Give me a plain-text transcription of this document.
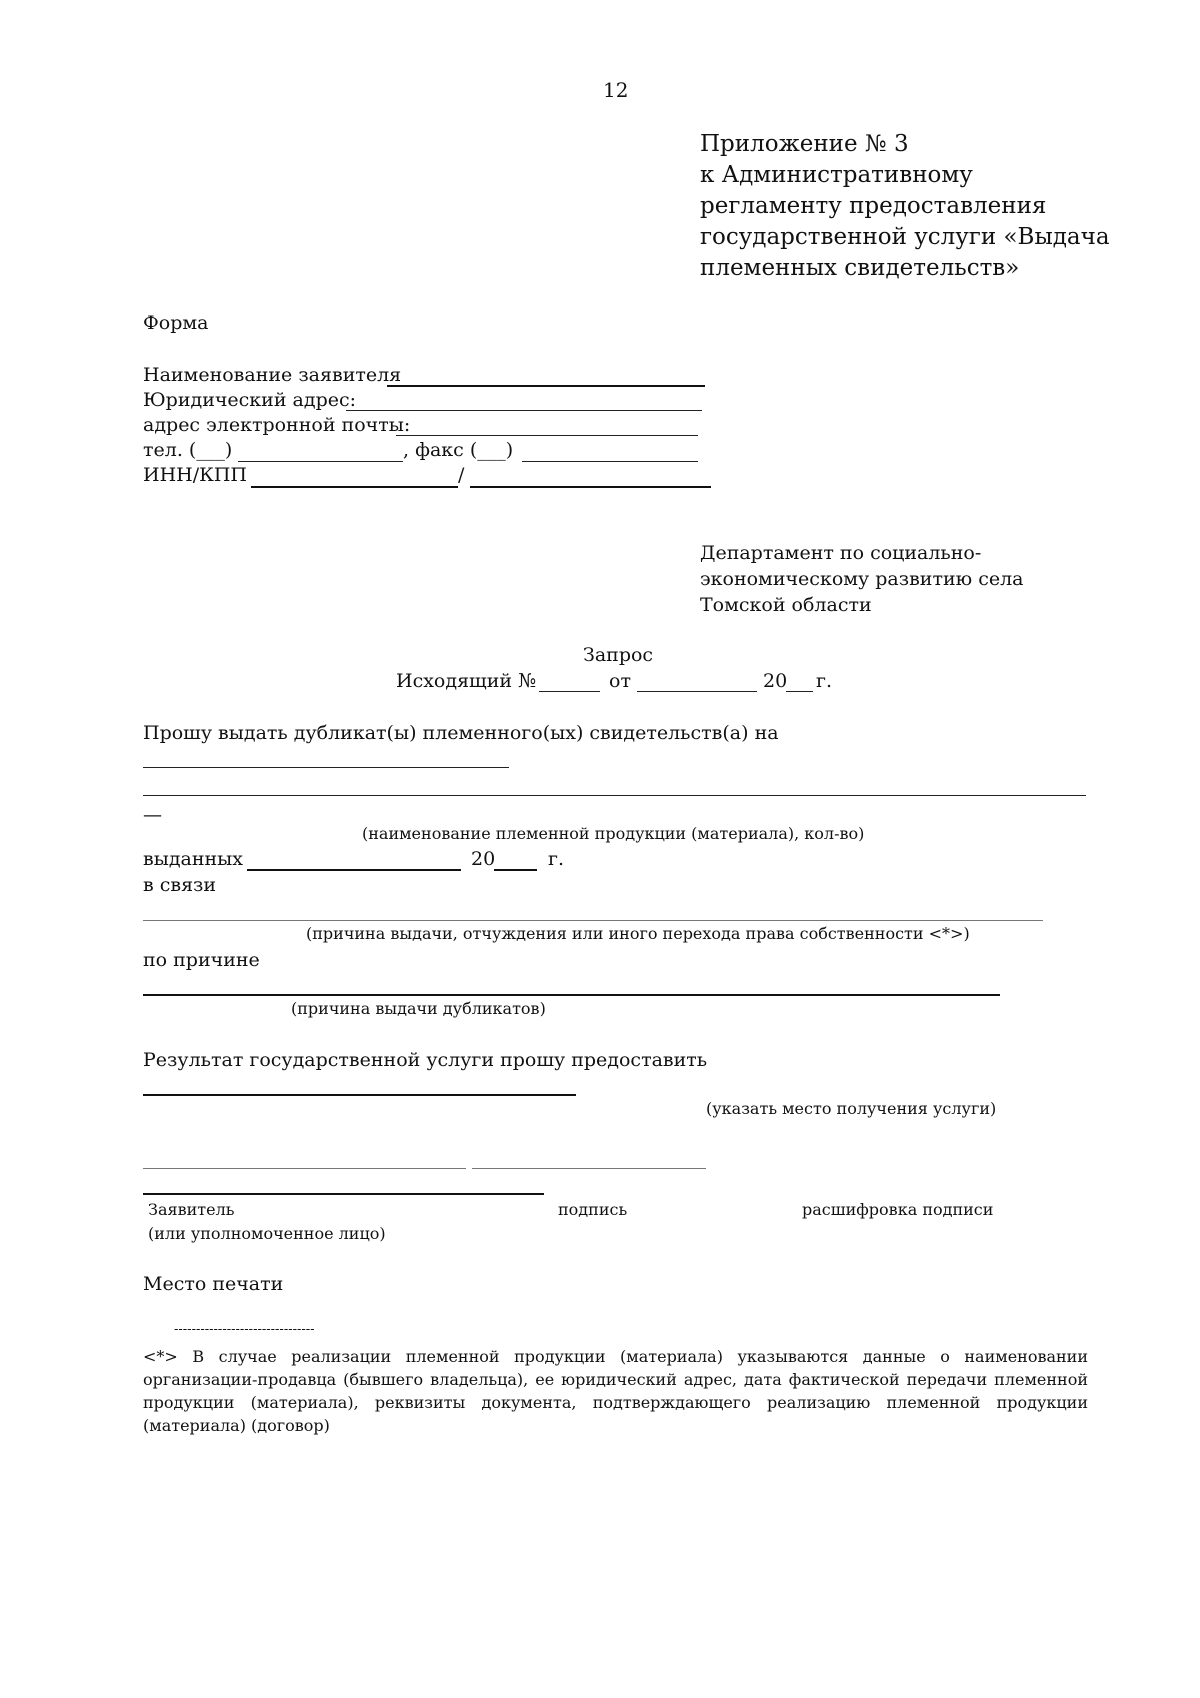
12
Приложение № 3
к Административному
регламенту предоставления
государственной услуги «Выдача
племенных свидетельств»
Форма
Наименование заявителя
Юридический адрес:
адрес электронной почты:
тел. (___)	, факс (___)
ИНН/КПП	/
Департамент по социально-
экономическому развитию села
Томской области
Запрос
Исходящий №	от	20 г.
Прошу выдать дубликат(ы) племенного(ых) свидетельств(а) на
—
(наименование племенной продукции (материала), кол-во)
выданных	20	г.
в связи
(причина выдачи, отчуждения или иного перехода права собственности <*>)
по причине
(причина выдачи дубликатов)
Результат государственной услуги прошу предоставить
(указать место получения услуги)
Заявитель
(или уполномоченное лицо)
подпись	расшифровка подписи
Место печати
--------------------------------
<*> В случае реализации племенной продукции (материала) указываются данные о наименовании организации-продавца (бывшего владельца), ее юридический адрес, дата фактической передачи племенной продукции (материала), реквизиты документа, подтверждающего реализацию племенной продукции (материала) (договор)
